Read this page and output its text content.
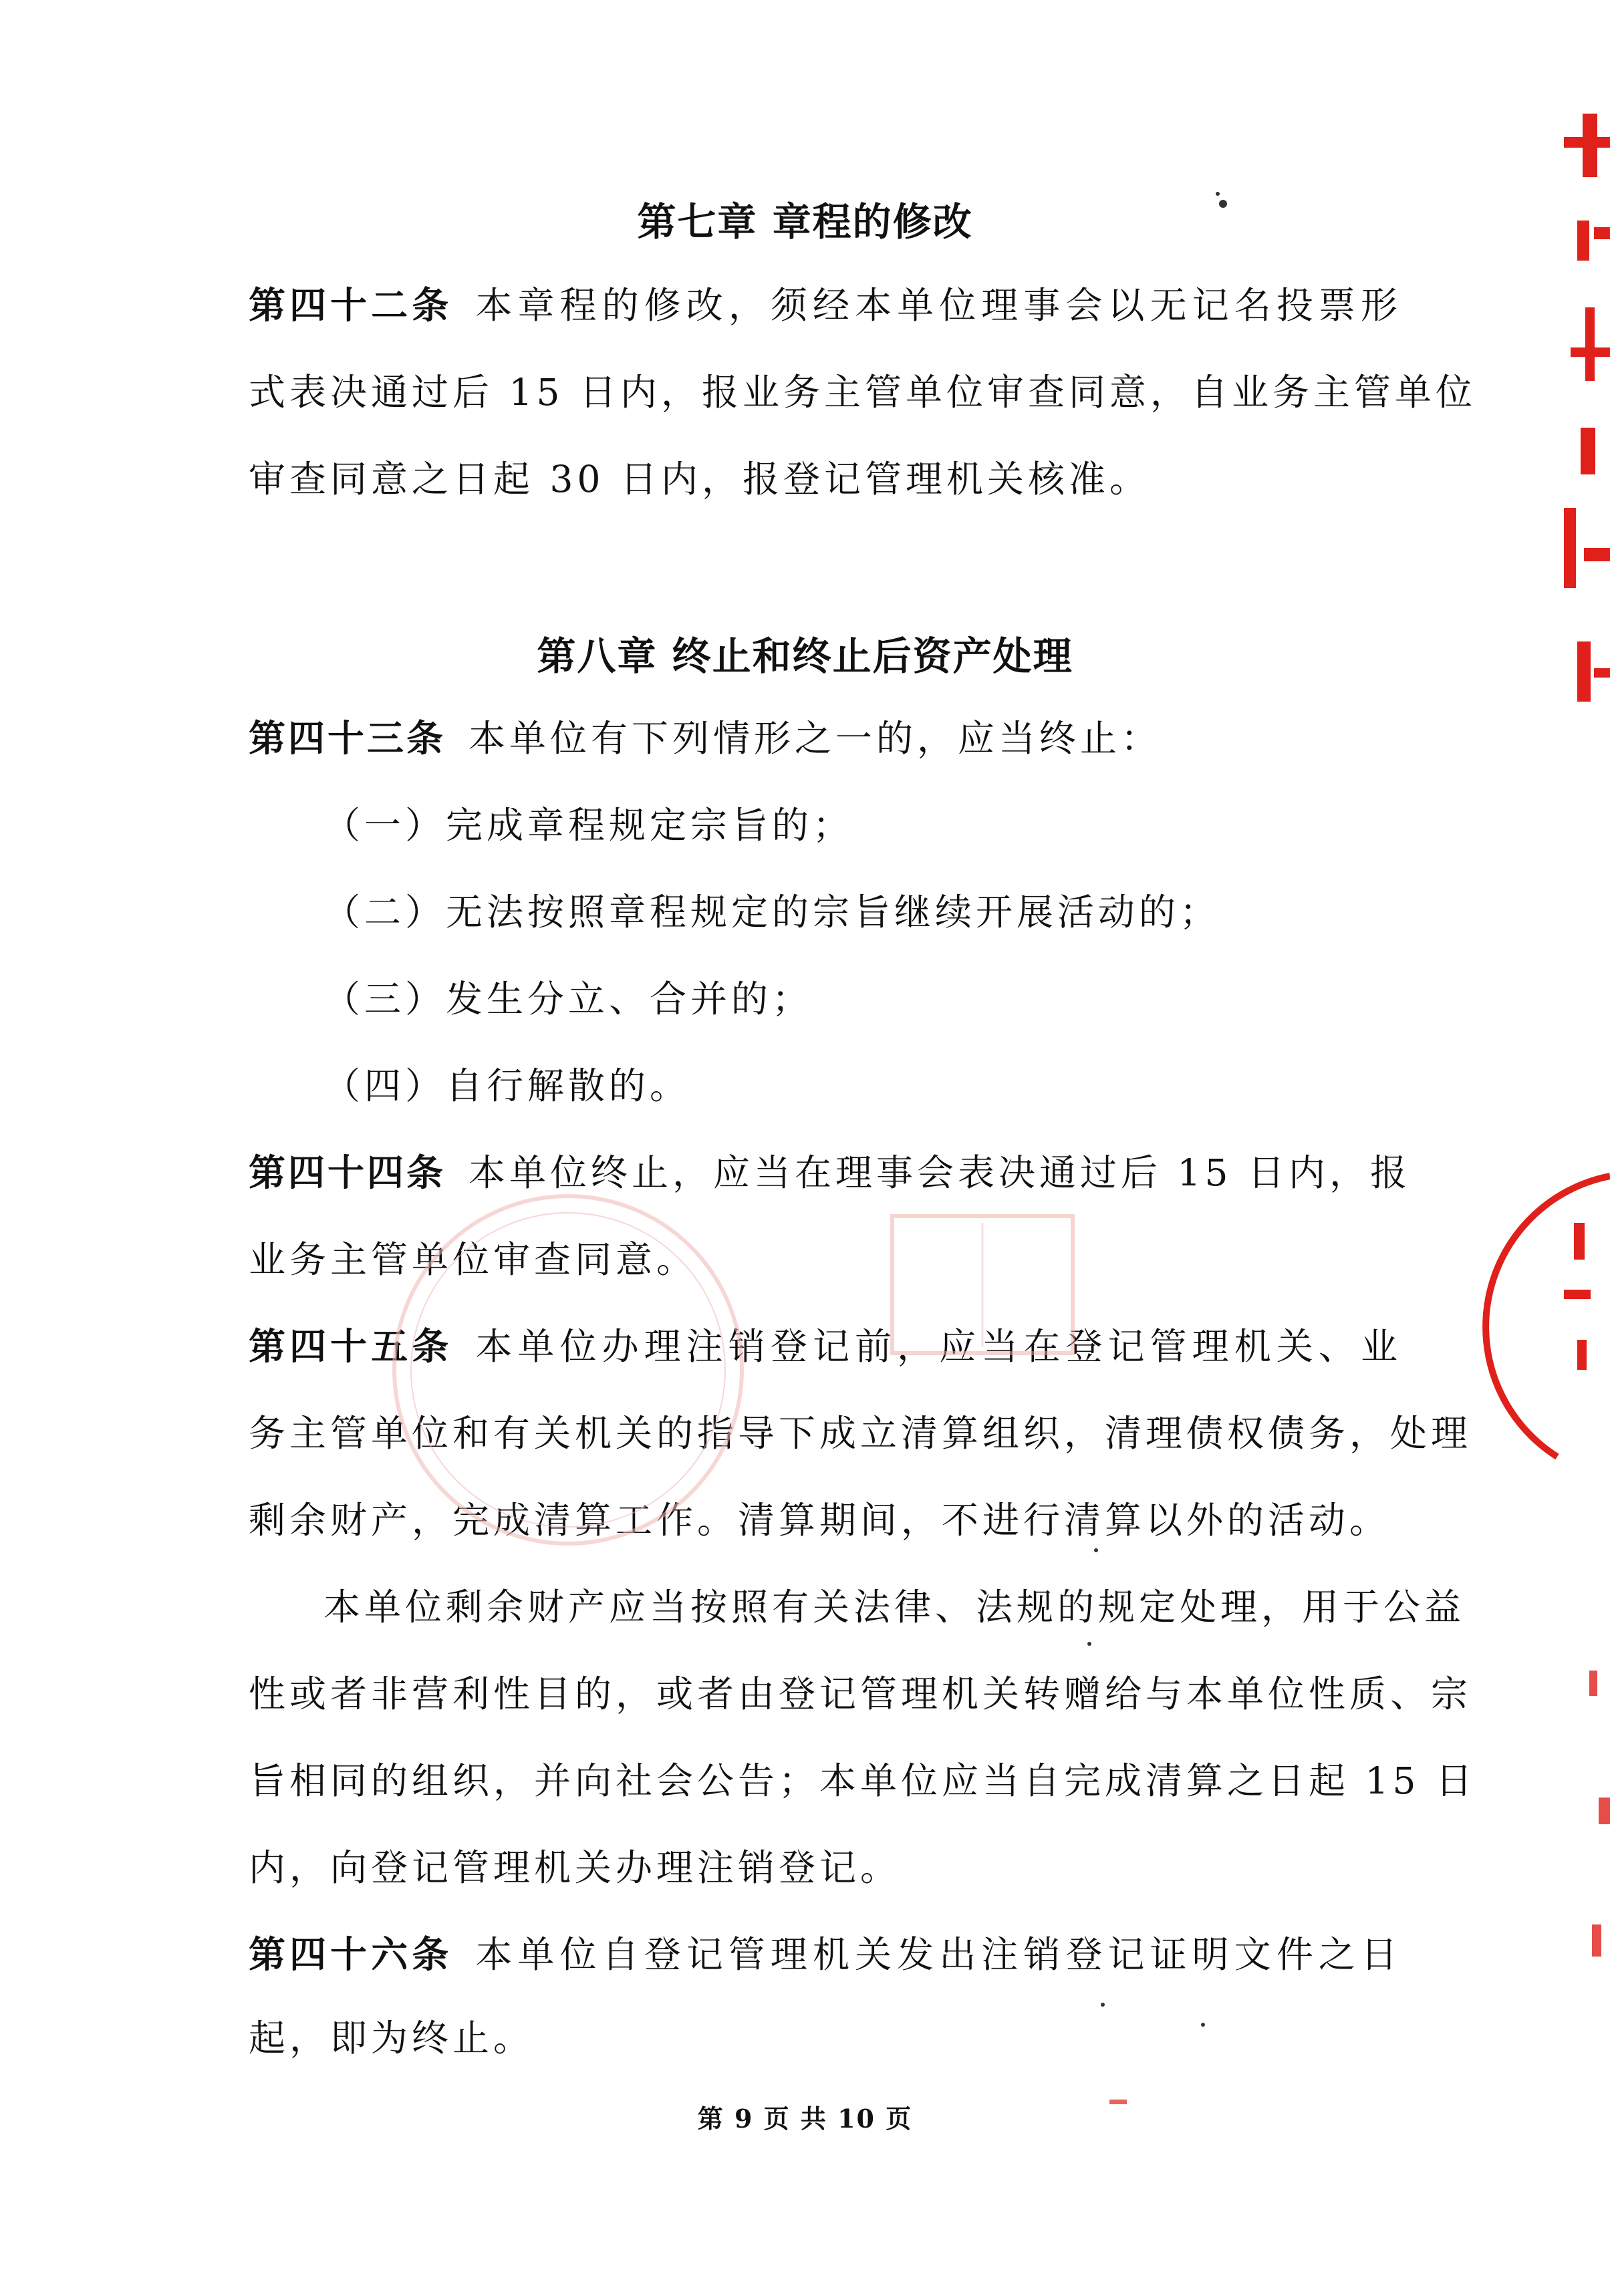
第七章 章程的修改
第四十二条 本章程的修改，须经本单位理事会以无记名投票形
式表决通过后 15 日内，报业务主管单位审查同意，自业务主管单位
审查同意之日起 30 日内，报登记管理机关核准。
第八章 终止和终止后资产处理
第四十三条 本单位有下列情形之一的，应当终止：
（一）完成章程规定宗旨的；
（二）无法按照章程规定的宗旨继续开展活动的；
（三）发生分立、合并的；
（四）自行解散的。
第四十四条 本单位终止，应当在理事会表决通过后 15 日内，报
业务主管单位审查同意。
第四十五条 本单位办理注销登记前，应当在登记管理机关、业
务主管单位和有关机关的指导下成立清算组织，清理债权债务，处理
剩余财产，完成清算工作。清算期间，不进行清算以外的活动。
本单位剩余财产应当按照有关法律、法规的规定处理，用于公益
性或者非营利性目的，或者由登记管理机关转赠给与本单位性质、宗
旨相同的组织，并向社会公告；本单位应当自完成清算之日起 15 日
内，向登记管理机关办理注销登记。
第四十六条 本单位自登记管理机关发出注销登记证明文件之日
起，即为终止。
第 9 页 共 10 页
